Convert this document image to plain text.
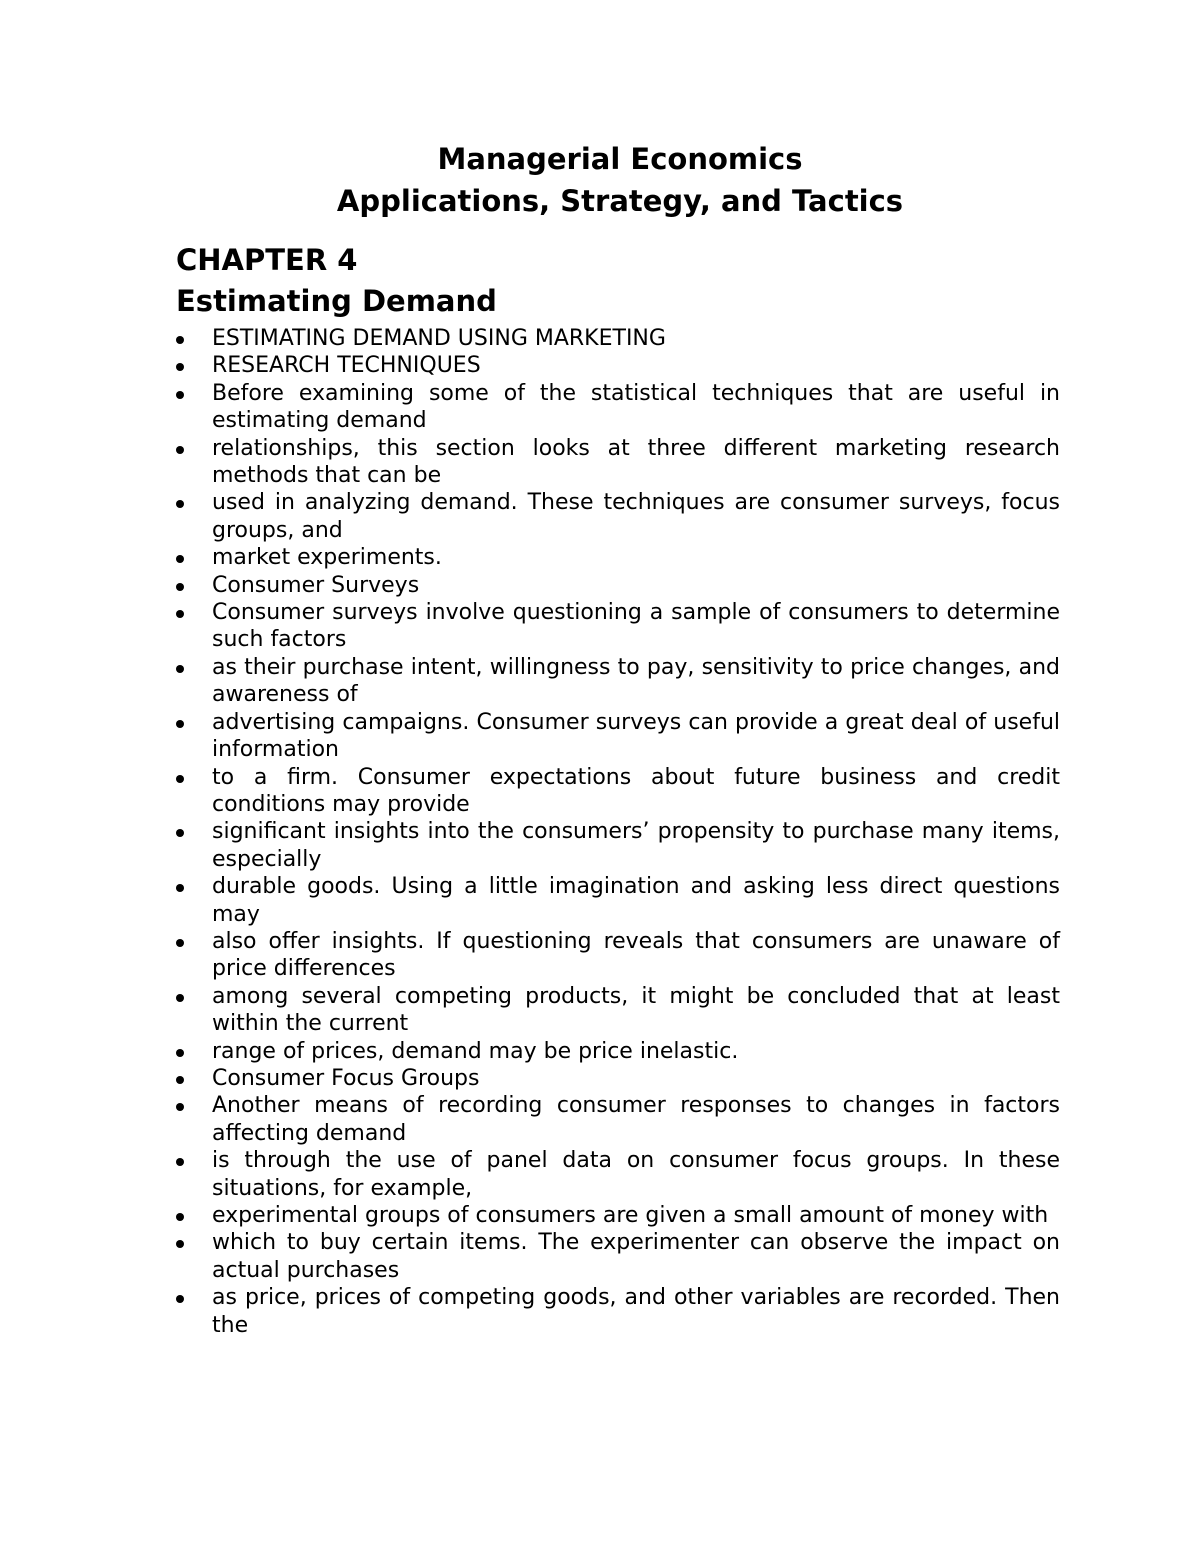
Managerial Economics

Applications, Strategy, and Tactics

CHAPTER 4

Estimating Demand

ESTIMATING DEMAND USING MARKETING
RESEARCH TECHNIQUES
Before examining some of the statistical techniques that are useful in estimating demand
relationships, this section looks at three different marketing research methods that can be
used in analyzing demand. These techniques are consumer surveys, focus groups, and
market experiments.
Consumer Surveys
Consumer surveys involve questioning a sample of consumers to determine such factors
as their purchase intent, willingness to pay, sensitivity to price changes, and awareness of
advertising campaigns. Consumer surveys can provide a great deal of useful information
to a firm. Consumer expectations about future business and credit conditions may provide
significant insights into the consumers’ propensity to purchase many items, especially
durable goods. Using a little imagination and asking less direct questions may
also offer insights. If questioning reveals that consumers are unaware of price differences
among several competing products, it might be concluded that at least within the current
range of prices, demand may be price inelastic.
Consumer Focus Groups
Another means of recording consumer responses to changes in factors affecting demand
is through the use of panel data on consumer focus groups. In these situations, for example,
experimental groups of consumers are given a small amount of money with
which to buy certain items. The experimenter can observe the impact on actual purchases
as price, prices of competing goods, and other variables are recorded. Then the
